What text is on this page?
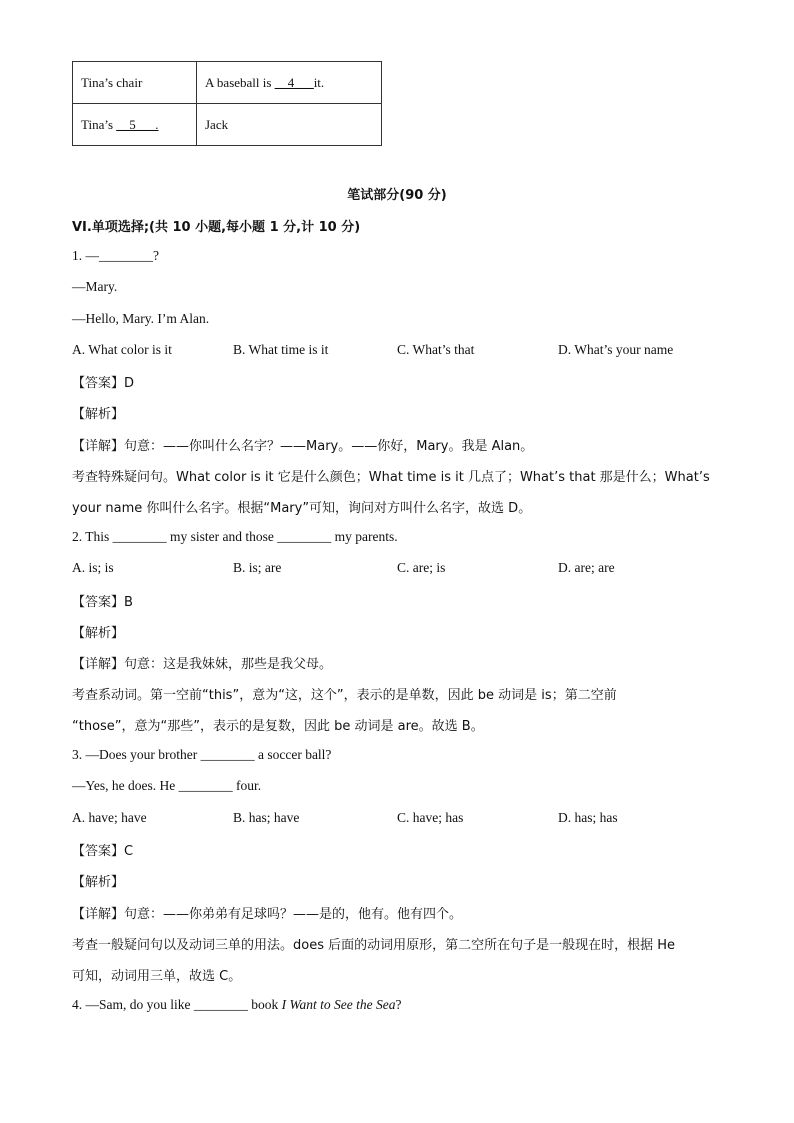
Tina’s chair	A baseball is __4___it.
Tina’s __5___.	Jack
笔试部分(90 分)
VI.单项选择;(共 10 小题,每小题 1 分,计 10 分)
1. —________?
—Mary.
—Hello, Mary. I’m Alan.
A. What color is it	B. What time is it	C. What’s that	D. What’s your name
【答案】D
【解析】
【详解】句意：——你叫什么名字？——Mary。——你好，Mary。我是 Alan。
考查特殊疑问句。What color is it 它是什么颜色；What time is it 几点了；What’s that 那是什么；What’s
your name 你叫什么名字。根据“Mary”可知，询问对方叫什么名字，故选 D。
2. This ________ my sister and those ________ my parents.
A. is; is	B. is; are	C. are; is	D. are; are
【答案】B
【解析】
【详解】句意：这是我妹妹，那些是我父母。
考查系动词。第一空前“this”，意为“这，这个”，表示的是单数，因此 be 动词是 is；第二空前
“those”，意为“那些”，表示的是复数，因此 be 动词是 are。故选 B。
3. —Does your brother ________ a soccer ball?
—Yes, he does. He ________ four.
A. have; have	B. has; have	C. have; has	D. has; has
【答案】C
【解析】
【详解】句意：——你弟弟有足球吗？——是的，他有。他有四个。
考查一般疑问句以及动词三单的用法。does 后面的动词用原形，第二空所在句子是一般现在时，根据 He
可知，动词用三单，故选 C。
4. —Sam, do you like ________ book I Want to See the Sea?
